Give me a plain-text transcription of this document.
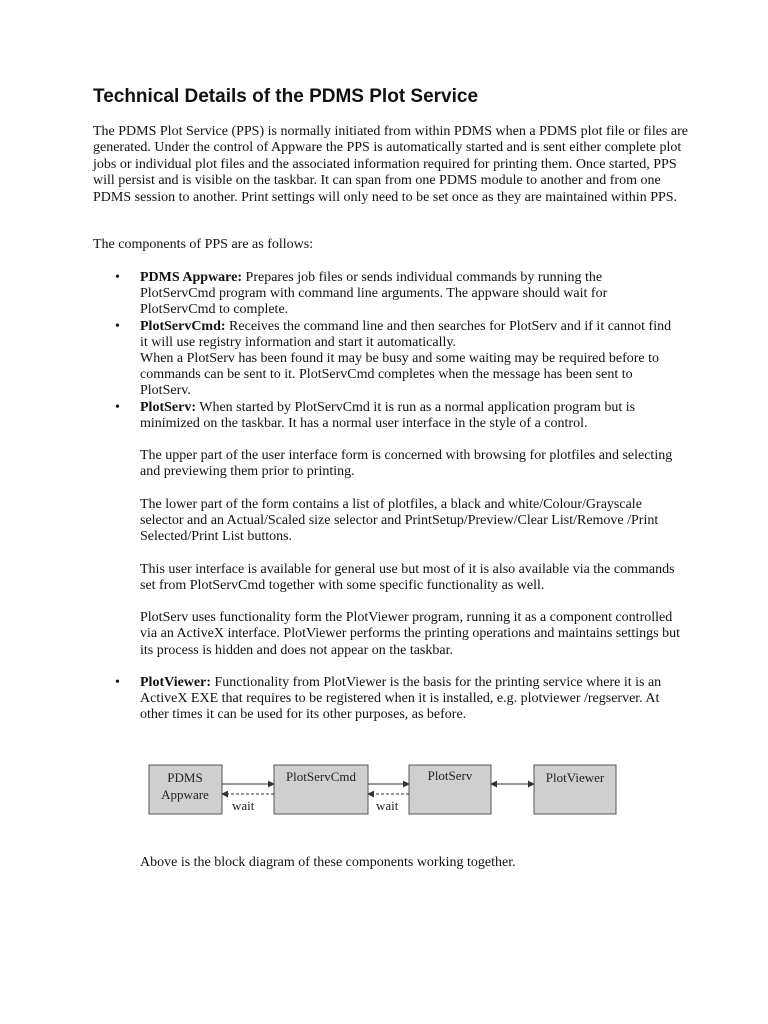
Technical Details of the PDMS Plot Service

The PDMS Plot Service (PPS) is normally initiated from within PDMS when a PDMS plot file or files are generated. Under the control of Appware the PPS is automatically started and is sent either complete plot jobs or individual plot files and the associated information required for printing them. Once started, PPS will persist and is visible on the taskbar. It can span from one PDMS module to another and from one PDMS session to another. Print settings will only need to be set once as they are maintained within PPS.

The components of PPS are as follows:

• PDMS Appware: Prepares job files or sends individual commands by running the PlotServCmd program with command line arguments. The appware should wait for PlotServCmd to complete.

• PlotServCmd: Receives the command line and then searches for PlotServ and if it cannot find it will use registry information and start it automatically.

When a PlotServ has been found it may be busy and some waiting may be required before to commands can be sent to it. PlotServCmd completes when the message has been sent to PlotServ.

• PlotServ: When started by PlotServCmd it is run as a normal application program but is minimized on the taskbar. It has a normal user interface in the style of a control.

The upper part of the user interface form is concerned with browsing for plotfiles and selecting and previewing them prior to printing.

The lower part of the form contains a list of plotfiles, a black and white/Colour/Grayscale selector and an Actual/Scaled size selector and PrintSetup/Preview/Clear List/Remove /Print Selected/Print List buttons.

This user interface is available for general use but most of it is also available via the commands set from PlotServCmd together with some specific functionality as well.

PlotServ uses functionality form the PlotViewer program, running it as a component controlled via an ActiveX interface. PlotViewer performs the printing operations and maintains settings but its process is hidden and does not appear on the taskbar.

• PlotViewer: Functionality from PlotViewer is the basis for the printing service where it is an ActiveX EXE that requires to be registered when it is installed, e.g. plotviewer /regserver. At other times it can be used for its other purposes, as before.

PDMS
Appware
PlotServCmd	PlotServ	PlotViewer
wait	wait

Above is the block diagram of these components working together.
